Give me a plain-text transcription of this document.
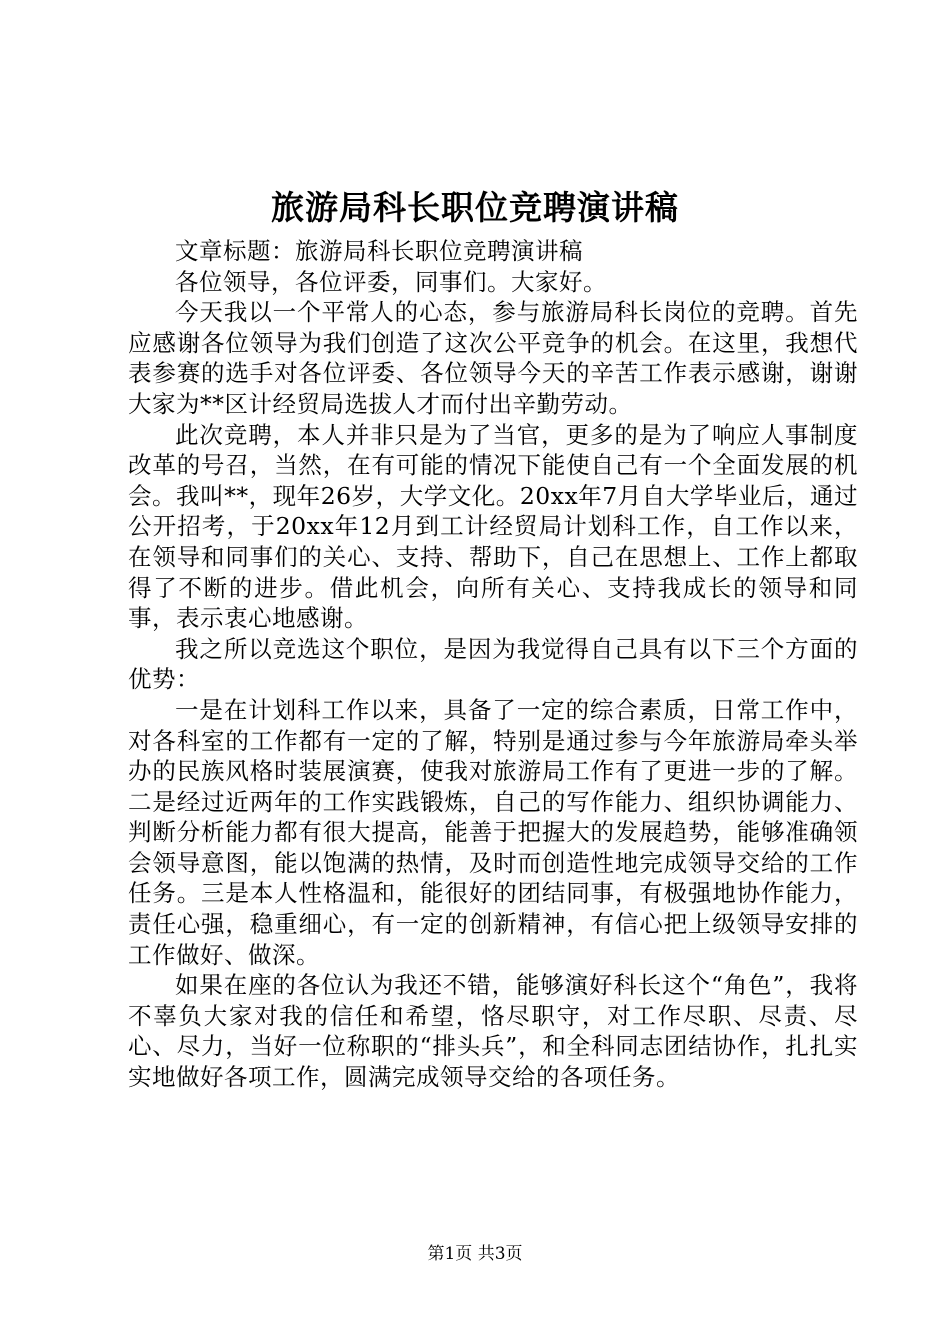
旅游局科长职位竞聘演讲稿

文章标题：旅游局科长职位竞聘演讲稿

各位领导，各位评委，同事们。大家好。

今天我以一个平常人的心态，参与旅游局科长岗位的竞聘。首先应感谢各位领导为我们创造了这次公平竞争的机会。在这里，我想代表参赛的选手对各位评委、各位领导今天的辛苦工作表示感谢，谢谢大家为**区计经贸局选拔人才而付出辛勤劳动。

此次竞聘，本人并非只是为了当官，更多的是为了响应人事制度改革的号召，当然，在有可能的情况下能使自己有一个全面发展的机会。我叫**，现年26岁，大学文化。20xx年7月自大学毕业后，通过公开招考，于20xx年12月到工计经贸局计划科工作，自工作以来，在领导和同事们的关心、支持、帮助下，自己在思想上、工作上都取得了不断的进步。借此机会，向所有关心、支持我成长的领导和同事，表示衷心地感谢。

我之所以竞选这个职位，是因为我觉得自己具有以下三个方面的优势：

一是在计划科工作以来，具备了一定的综合素质，日常工作中，对各科室的工作都有一定的了解，特别是通过参与今年旅游局牵头举办的民族风格时装展演赛，使我对旅游局工作有了更进一步的了解。二是经过近两年的工作实践锻炼，自己的写作能力、组织协调能力、判断分析能力都有很大提高，能善于把握大的发展趋势，能够准确领会领导意图，能以饱满的热情，及时而创造性地完成领导交给的工作任务。三是本人性格温和，能很好的团结同事，有极强地协作能力，责任心强，稳重细心，有一定的创新精神，有信心把上级领导安排的工作做好、做深。

如果在座的各位认为我还不错，能够演好科长这个“角色”，我将不辜负大家对我的信任和希望，恪尽职守，对工作尽职、尽责、尽心、尽力，当好一位称职的“排头兵”，和全科同志团结协作，扎扎实实地做好各项工作，圆满完成领导交给的各项任务。

第1页 共3页
